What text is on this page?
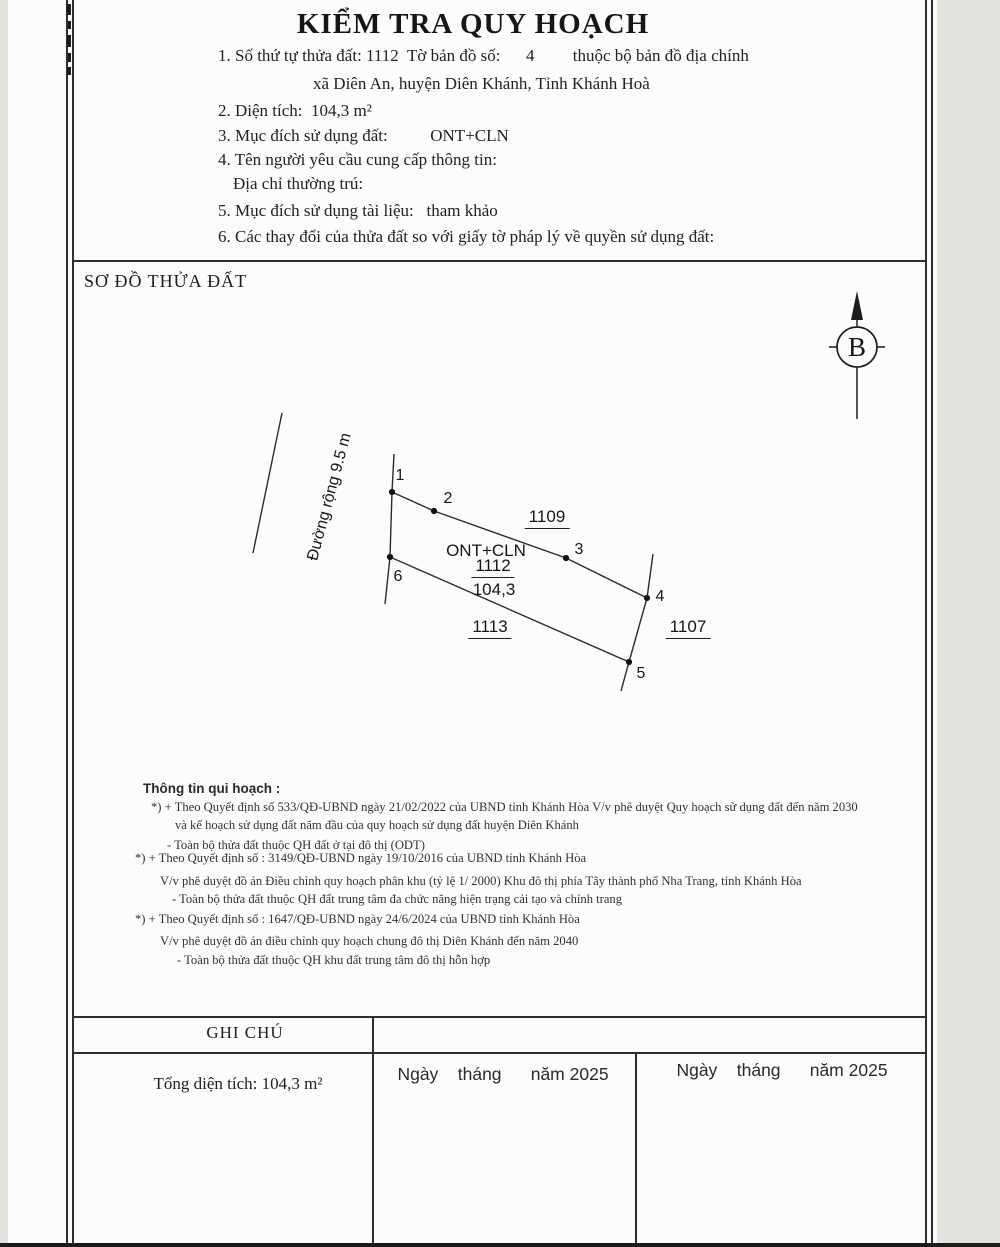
KIỂM TRA QUY HOẠCH
1. Số thứ tự thửa đất: 1112  Tờ bản đồ số:      4         thuộc bộ bản đồ địa chính
xã Diên An, huyện Diên Khánh, Tỉnh Khánh Hoà
2. Diện tích:  104,3 m²
3. Mục đích sử dụng đất:          ONT+CLN
4. Tên người yêu cầu cung cấp thông tin:
Địa chỉ thường trú:
5. Mục đích sử dụng tài liệu:   tham khảo
6. Các thay đổi của thửa đất so với giấy tờ pháp lý về quyền sử dụng đất:
SƠ ĐỒ THỬA ĐẤT
B
Đường rộng 9.5 m	1
2
3
4
5
6
1109
ONT+CLN
1112
104,3
1113	1107
Thông tin qui hoạch :
*) + Theo Quyết định số 533/QĐ-UBND ngày 21/02/2022 của UBND tỉnh Khánh Hòa V/v phê duyệt Quy hoạch sử dụng đất đến năm 2030
và kế hoạch sử dụng đất năm đầu của quy hoạch sử dụng đất huyện Diên Khánh
- Toàn bộ thửa đất thuộc QH đất ở tại đô thị (ODT)
*) + Theo Quyết định số : 3149/QĐ-UBND ngày 19/10/2016 của UBND tỉnh Khánh Hòa
V/v phê duyệt đồ án Điều chỉnh quy hoạch phân khu (tỷ lệ 1/ 2000) Khu đô thị phía Tây thành phố Nha Trang, tỉnh Khánh Hòa
- Toàn bộ thửa đất thuộc QH đất trung tâm đa chức năng hiện trạng cải tạo và chỉnh trang
*) + Theo Quyết định số : 1647/QĐ-UBND ngày 24/6/2024 của UBND tỉnh Khánh Hòa
V/v phê duyệt đồ án điều chỉnh quy hoạch chung đô thị Diên Khánh đến năm 2040
- Toàn bộ thửa đất thuộc QH khu đất trung tâm đô thị hỗn hợp
GHI CHÚ
Tổng diện tích: 104,3 m²	Ngày    tháng      năm 2025	Ngày    tháng      năm 2025
